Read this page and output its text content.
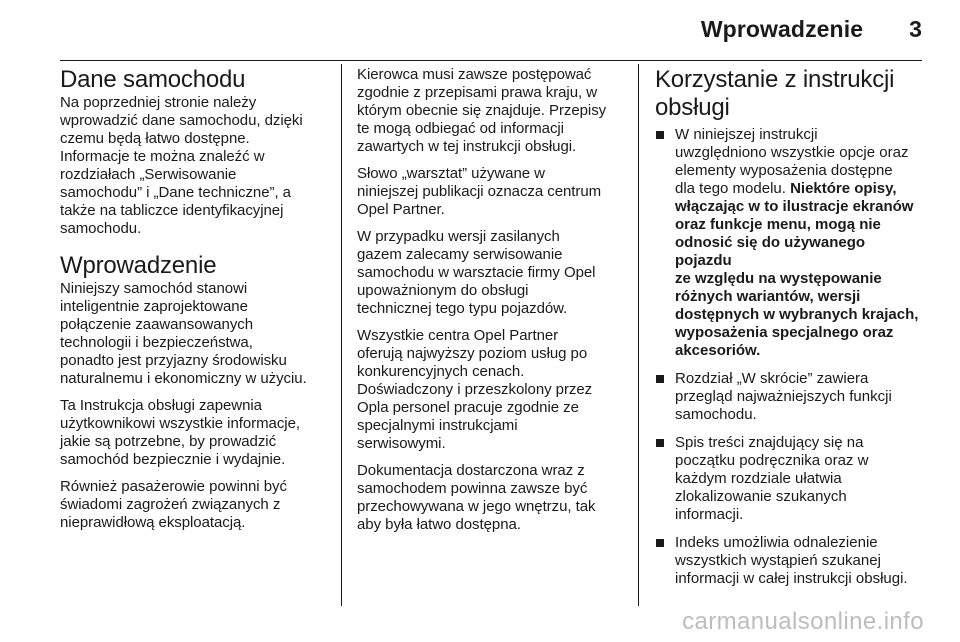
Wprowadzenie 3
Dane samochodu

Na poprzedniej stronie należy
wprowadzić dane samochodu, dzięki
czemu będą łatwo dostępne.
Informacje te można znaleźć w
rozdziałach „Serwisowanie
samochodu” i „Dane techniczne”, a
także na tabliczce identyfikacyjnej
samochodu.

Wprowadzenie

Niniejszy samochód stanowi
inteligentnie zaprojektowane
połączenie zaawansowanych
technologii i bezpieczeństwa,
ponadto jest przyjazny środowisku
naturalnemu i ekonomiczny w użyciu.

Ta Instrukcja obsługi zapewnia
użytkownikowi wszystkie informacje,
jakie są potrzebne, by prowadzić
samochód bezpiecznie i wydajnie.

Również pasażerowie powinni być
świadomi zagrożeń związanych z
nieprawidłową eksploatacją.

Kierowca musi zawsze postępować
zgodnie z przepisami prawa kraju, w
którym obecnie się znajduje. Przepisy
te mogą odbiegać od informacji
zawartych w tej instrukcji obsługi.

Słowo „warsztat” używane w
niniejszej publikacji oznacza centrum
Opel Partner.

W przypadku wersji zasilanych
gazem zalecamy serwisowanie
samochodu w warsztacie firmy Opel
upoważnionym do obsługi
technicznej tego typu pojazdów.

Wszystkie centra Opel Partner
oferują najwyższy poziom usług po
konkurencyjnych cenach.
Doświadczony i przeszkolony przez
Opla personel pracuje zgodnie ze
specjalnymi instrukcjami
serwisowymi.

Dokumentacja dostarczona wraz z
samochodem powinna zawsze być
przechowywana w jego wnętrzu, tak
aby była łatwo dostępna.

Korzystanie z instrukcji
obsługi
W niniejszej instrukcji
uwzględniono wszystkie opcje oraz
elementy wyposażenia dostępne
dla tego modelu. Niektóre opisy,
włączając w to ilustracje ekranów
oraz funkcje menu, mogą nie
odnosić się do używanego pojazdu
ze względu na występowanie
różnych wariantów, wersji
dostępnych w wybranych krajach,
wyposażenia specjalnego oraz
akcesoriów.
Rozdział „W skrócie” zawiera
przegląd najważniejszych funkcji
samochodu.
Spis treści znajdujący się na
początku podręcznika oraz w
każdym rozdziale ułatwia
zlokalizowanie szukanych
informacji.
Indeks umożliwia odnalezienie
wszystkich wystąpień szukanej
informacji w całej instrukcji obsługi.
carmanualsonline.info
